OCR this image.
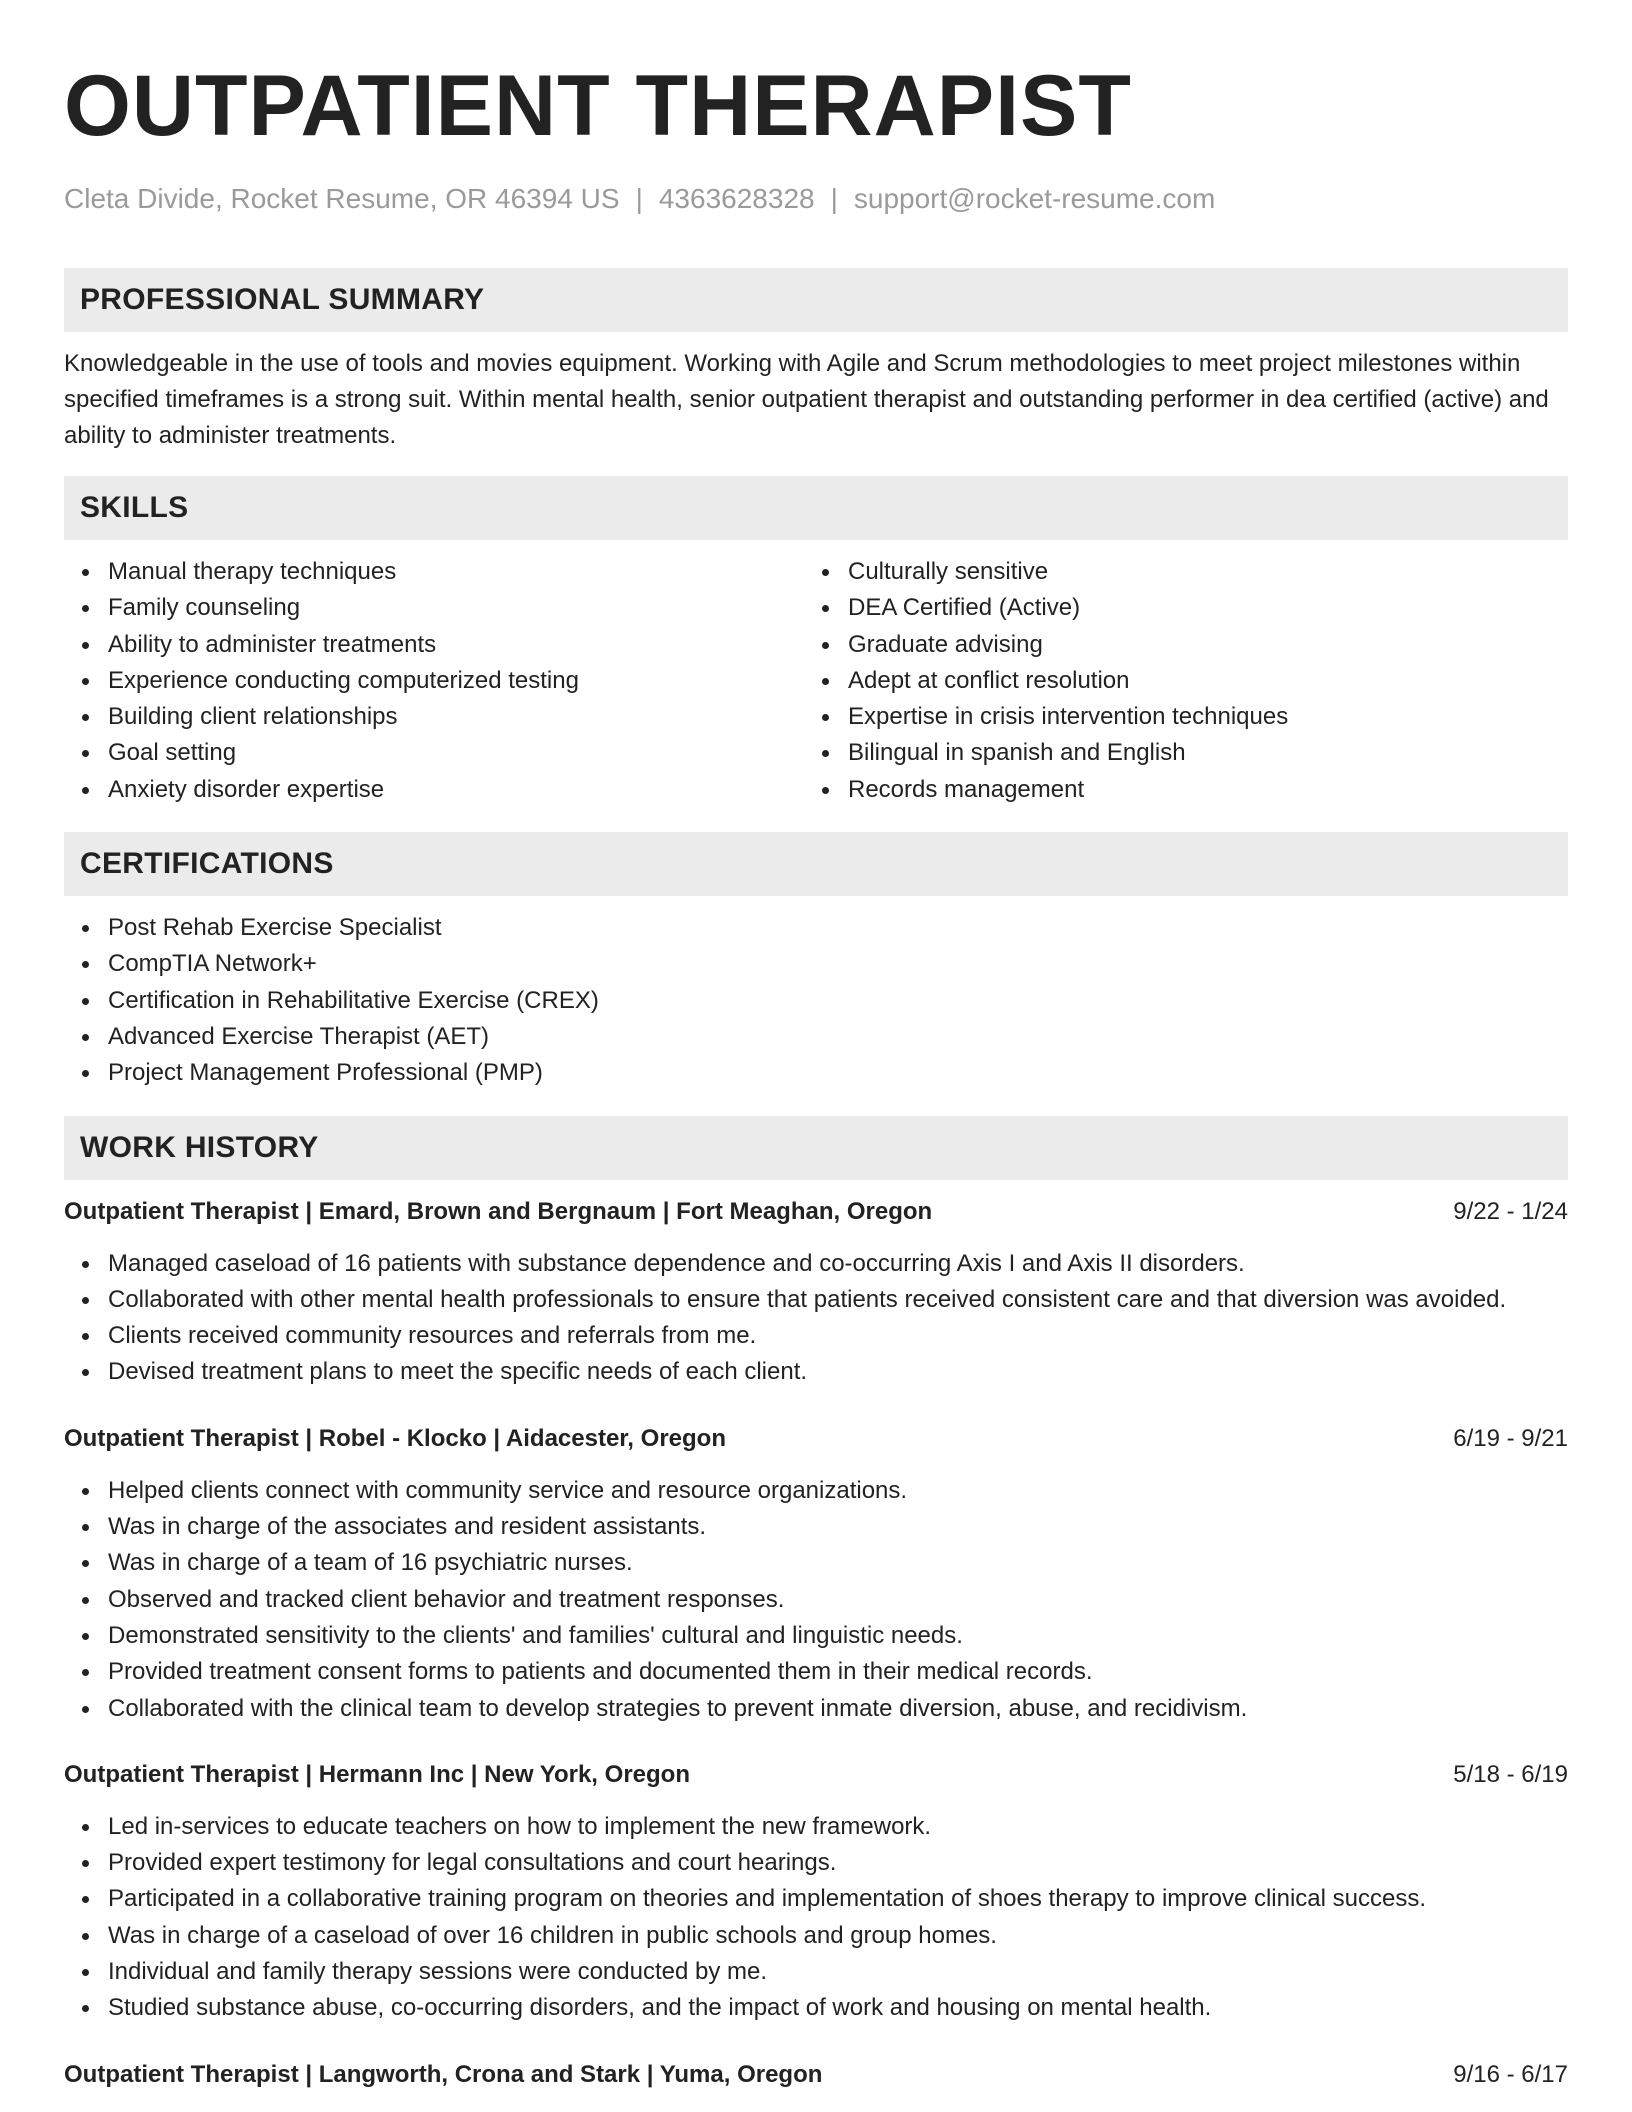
OUTPATIENT THERAPIST
Cleta Divide, Rocket Resume, OR 46394 US | 4363628328 | support@rocket-resume.com
PROFESSIONAL SUMMARY
Knowledgeable in the use of tools and movies equipment. Working with Agile and Scrum methodologies to meet project milestones within specified timeframes is a strong suit. Within mental health, senior outpatient therapist and outstanding performer in dea certified (active) and ability to administer treatments.
SKILLS
Manual therapy techniques
Family counseling
Ability to administer treatments
Experience conducting computerized testing
Building client relationships
Goal setting
Anxiety disorder expertise
Culturally sensitive
DEA Certified (Active)
Graduate advising
Adept at conflict resolution
Expertise in crisis intervention techniques
Bilingual in spanish and English
Records management
CERTIFICATIONS
Post Rehab Exercise Specialist
CompTIA Network+
Certification in Rehabilitative Exercise (CREX)
Advanced Exercise Therapist (AET)
Project Management Professional (PMP)
WORK HISTORY
Outpatient Therapist | Emard, Brown and Bergnaum | Fort Meaghan, Oregon	9/22 - 1/24
Managed caseload of 16 patients with substance dependence and co-occurring Axis I and Axis II disorders.
Collaborated with other mental health professionals to ensure that patients received consistent care and that diversion was avoided.
Clients received community resources and referrals from me.
Devised treatment plans to meet the specific needs of each client.
Outpatient Therapist | Robel - Klocko | Aidacester, Oregon	6/19 - 9/21
Helped clients connect with community service and resource organizations.
Was in charge of the associates and resident assistants.
Was in charge of a team of 16 psychiatric nurses.
Observed and tracked client behavior and treatment responses.
Demonstrated sensitivity to the clients' and families' cultural and linguistic needs.
Provided treatment consent forms to patients and documented them in their medical records.
Collaborated with the clinical team to develop strategies to prevent inmate diversion, abuse, and recidivism.
Outpatient Therapist | Hermann Inc | New York, Oregon	5/18 - 6/19
Led in-services to educate teachers on how to implement the new framework.
Provided expert testimony for legal consultations and court hearings.
Participated in a collaborative training program on theories and implementation of shoes therapy to improve clinical success.
Was in charge of a caseload of over 16 children in public schools and group homes.
Individual and family therapy sessions were conducted by me.
Studied substance abuse, co-occurring disorders, and the impact of work and housing on mental health.
Outpatient Therapist | Langworth, Crona and Stark | Yuma, Oregon	9/16 - 6/17
